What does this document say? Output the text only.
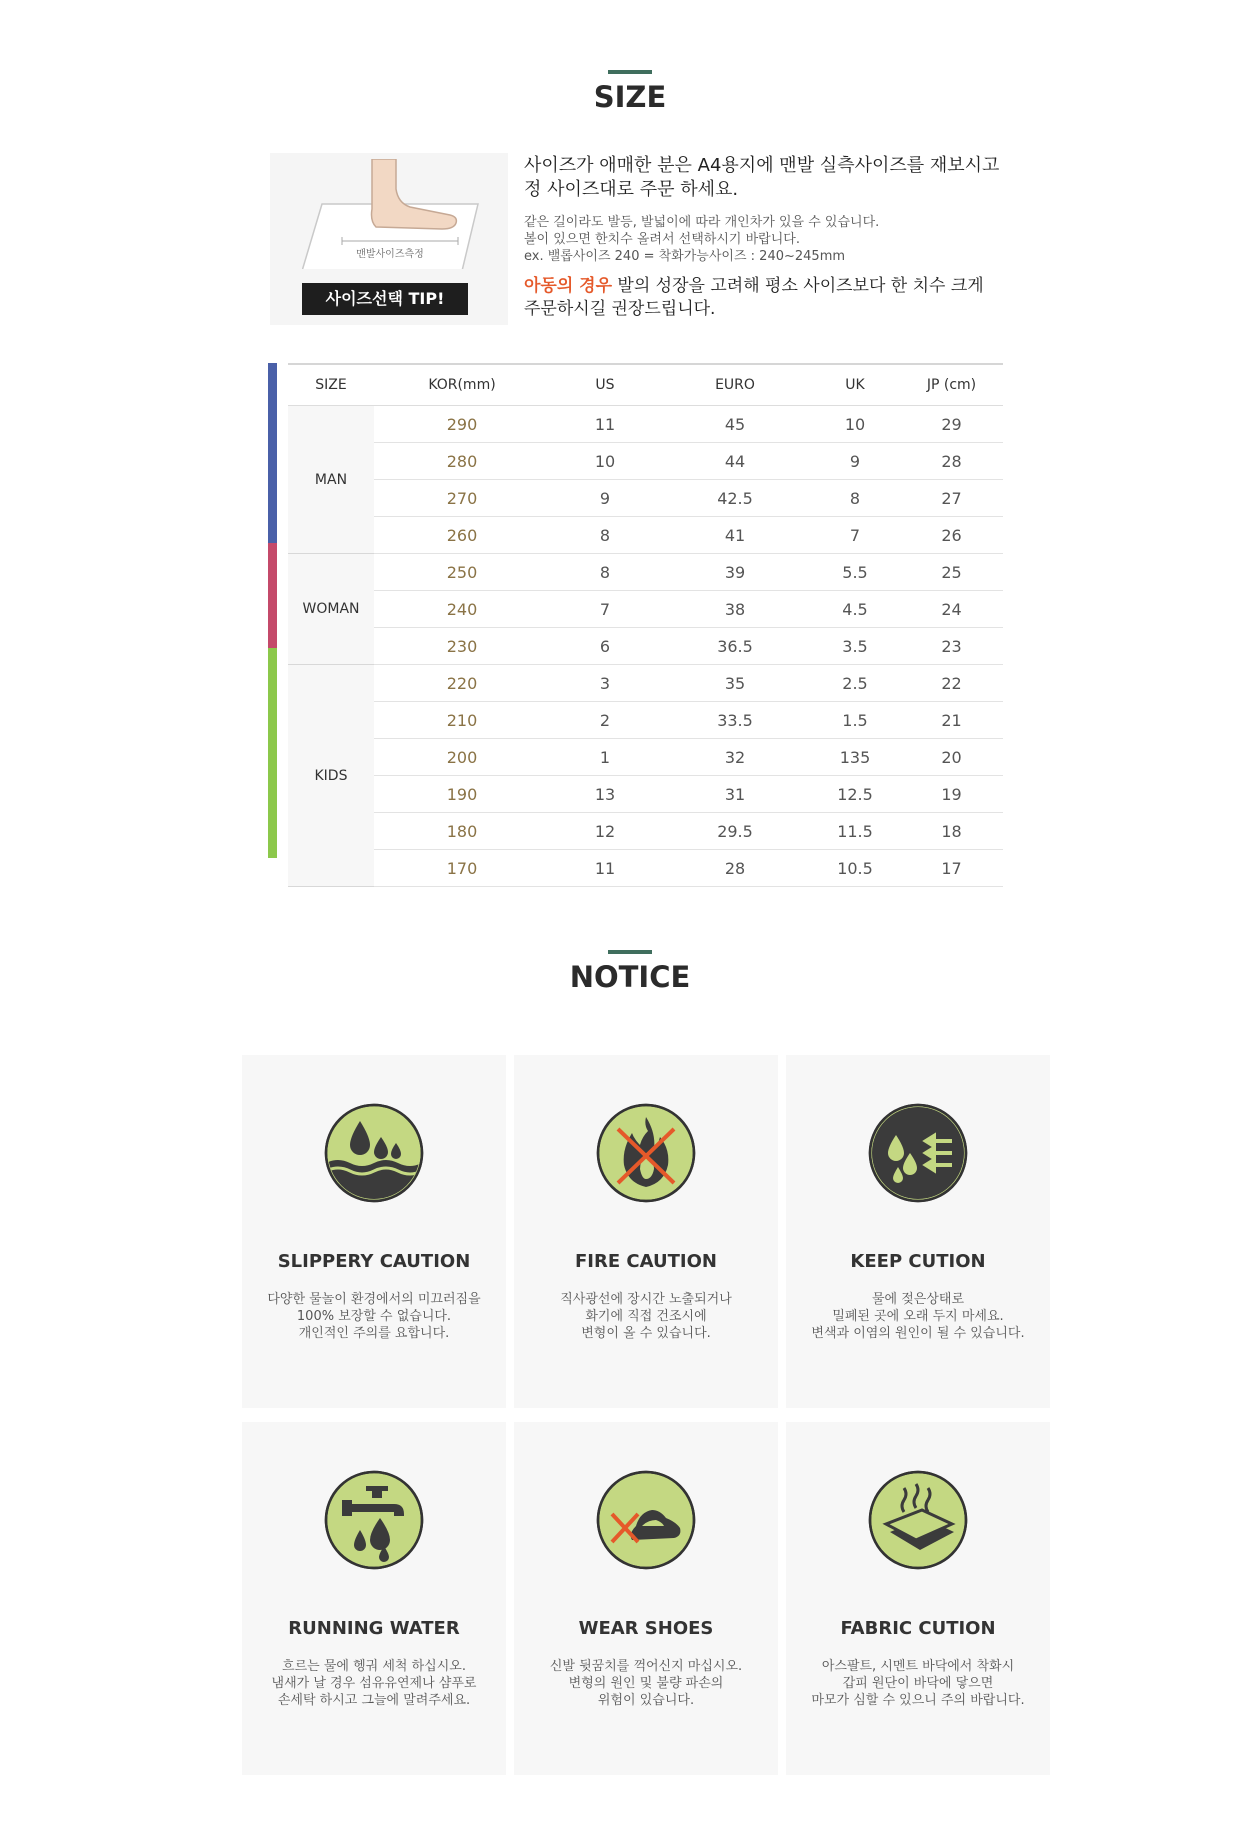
SIZE
맨발사이즈측정
사이즈선택 TIP!
사이즈가 애매한 분은 A4용지에 맨발 실측사이즈를 재보시고
정 사이즈대로 주문 하세요.
같은 길이라도 발등, 발넓이에 따라 개인차가 있을 수 있습니다.
볼이 있으면 한치수 올려서 선택하시기 바랍니다.
ex. 밸롭사이즈 240 = 착화가능사이즈 : 240~245mm
아동의 경우 발의 성장을 고려해 평소 사이즈보다 한 치수 크게
주문하시길 권장드립니다.
SIZE	KOR(mm)	US	EURO	UK	JP (cm)
MAN	290	11	45	10	29
	280	10	44	9	28
	270	9	42.5	8	27
	260	8	41	7	26
WOMAN	250	8	39	5.5	25
	240	7	38	4.5	24
	230	6	36.5	3.5	23
KIDS	220	3	35	2.5	22
	210	2	33.5	1.5	21
	200	1	32	135	20
	190	13	31	12.5	19
	180	12	29.5	11.5	18
	170	11	28	10.5	17
NOTICE
SLIPPERY CAUTION
다양한 물놀이 환경에서의 미끄러짐을
100% 보장할 수 없습니다.
개인적인 주의를 요합니다.
FIRE CAUTION
직사광선에 장시간 노출되거나
화기에 직접 건조시에
변형이 올 수 있습니다.
KEEP CUTION
물에 젖은상태로
밀폐된 곳에 오래 두지 마세요.
변색과 이염의 원인이 될 수 있습니다.
RUNNING WATER
흐르는 물에 헹궈 세척 하십시오.
냄새가 날 경우 섬유유연제나 샴푸로
손세탁 하시고 그늘에 말려주세요.
WEAR SHOES
신발 뒷꿈치를 꺽어신지 마십시오.
변형의 원인 및 불량 파손의
위험이 있습니다.
FABRIC CUTION
아스팔트, 시멘트 바닥에서 착화시
갑피 원단이 바닥에 닿으면
마모가 심할 수 있으니 주의 바랍니다.
